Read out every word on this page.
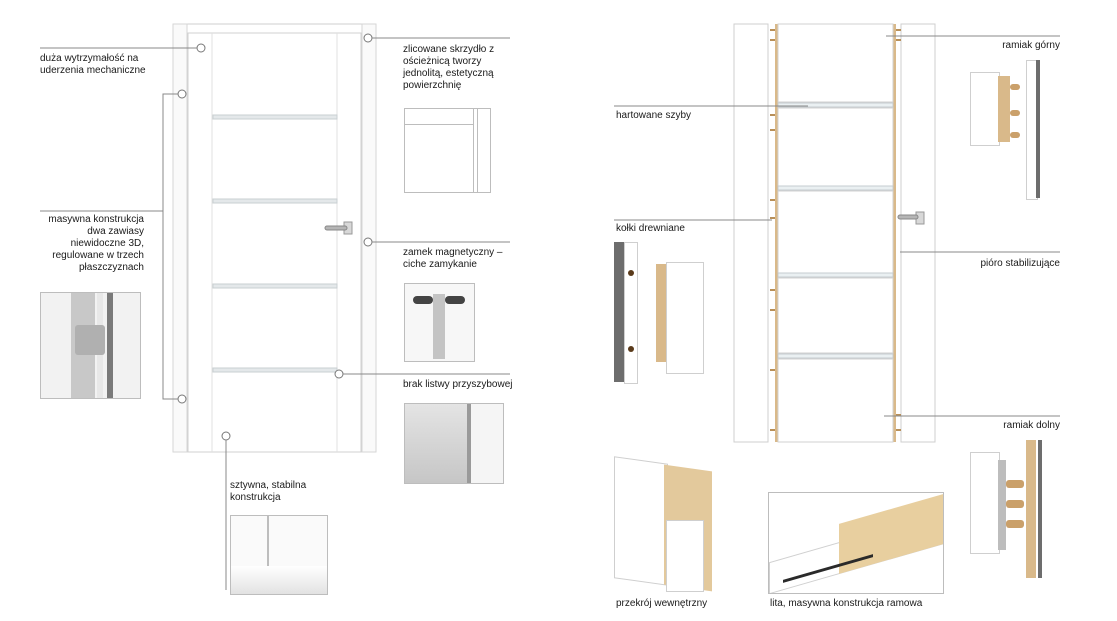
duża wytrzymałość na uderzenia mechaniczne
masywna konstrukcja dwa zawiasy niewidoczne 3D, regulowane w trzech płaszczyznach
zlicowane skrzydło z ościeżnicą tworzy jednolitą, estetyczną powierzchnię
zamek magnetyczny – ciche zamykanie
brak listwy przyszybowej
sztywna, stabilna konstrukcja
ramiak górny
hartowane szyby
kołki drewniane
pióro stabilizujące
ramiak dolny
przekrój wewnętrzny	lita, masywna konstrukcja ramowa
